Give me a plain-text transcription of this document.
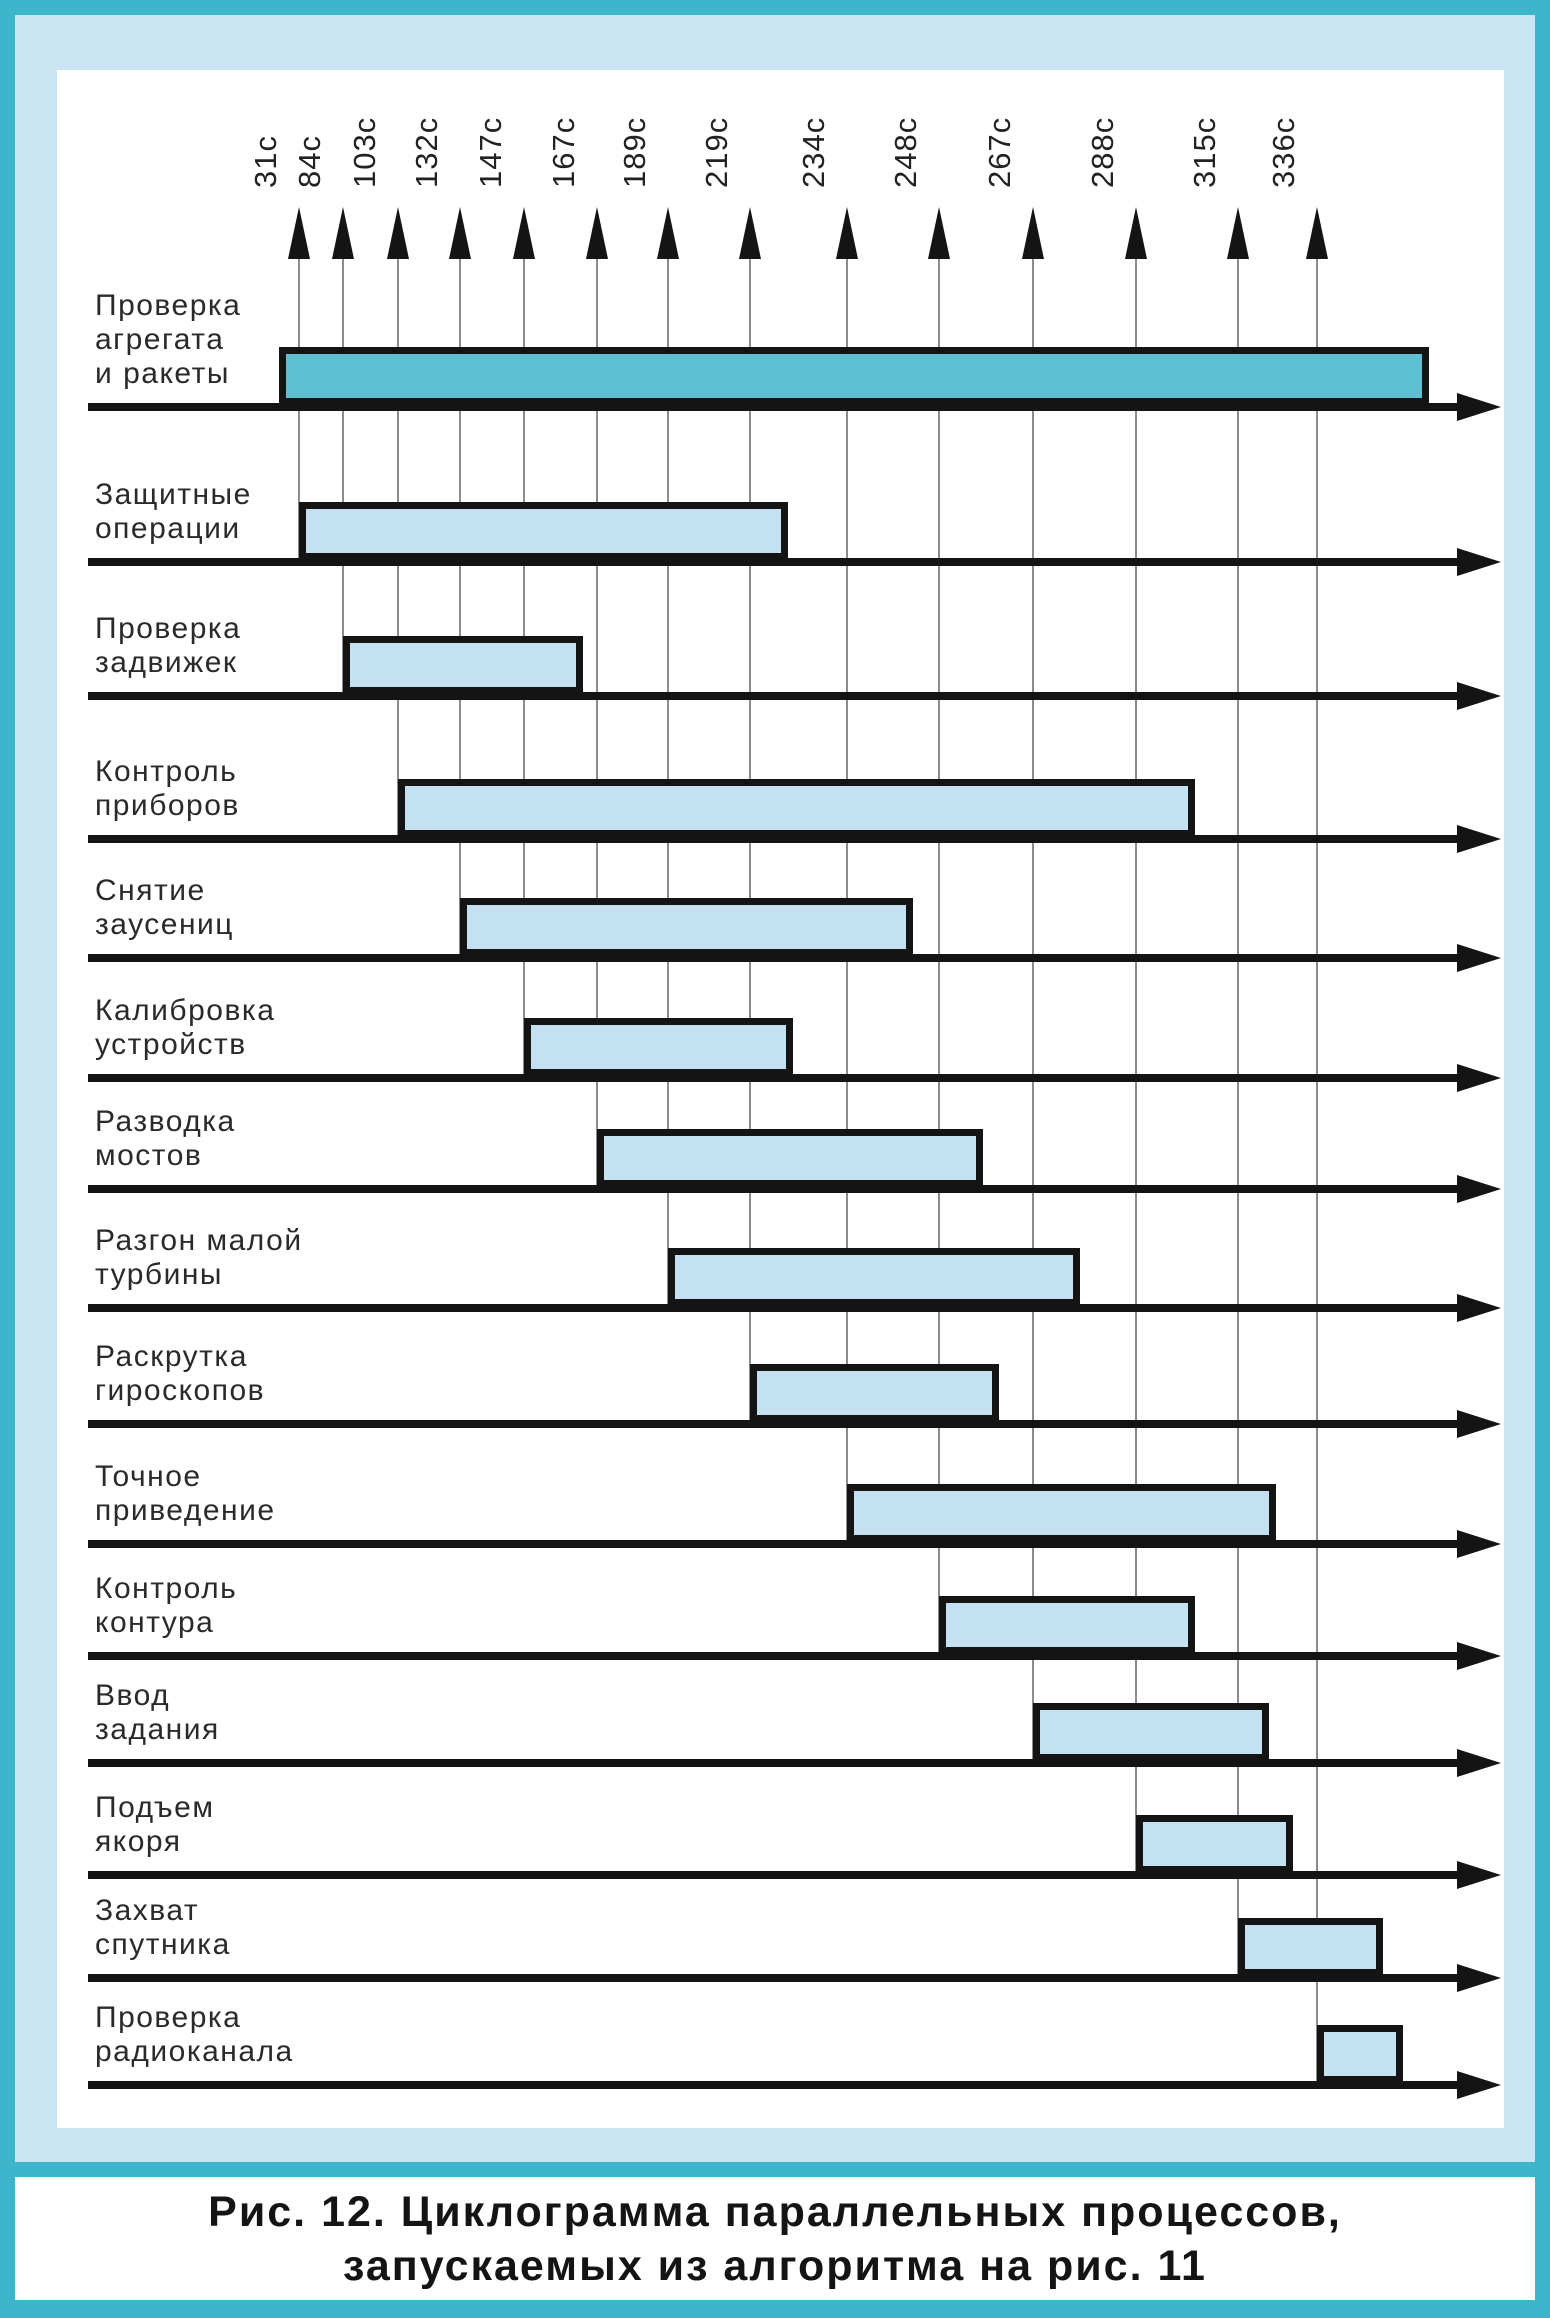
31с 84с 103с 132с 147с 167с 189с 219с 234с 248с 267с 288с 315с 336с
Проверка
агрегата
и ракеты
Защитные
операции
Проверка
задвижек
Контроль
приборов
Снятие
заусениц
Калибровка
устройств
Разводка
мостов
Разгон малой
турбины
Раскрутка
гироскопов
Точное
приведение
Контроль
контура
Ввод
задания
Подъем
якоря
Захват
спутника
Проверка
радиоканала
Рис. 12. Циклограмма параллельных процессов,
запускаемых из алгоритма на рис. 11
